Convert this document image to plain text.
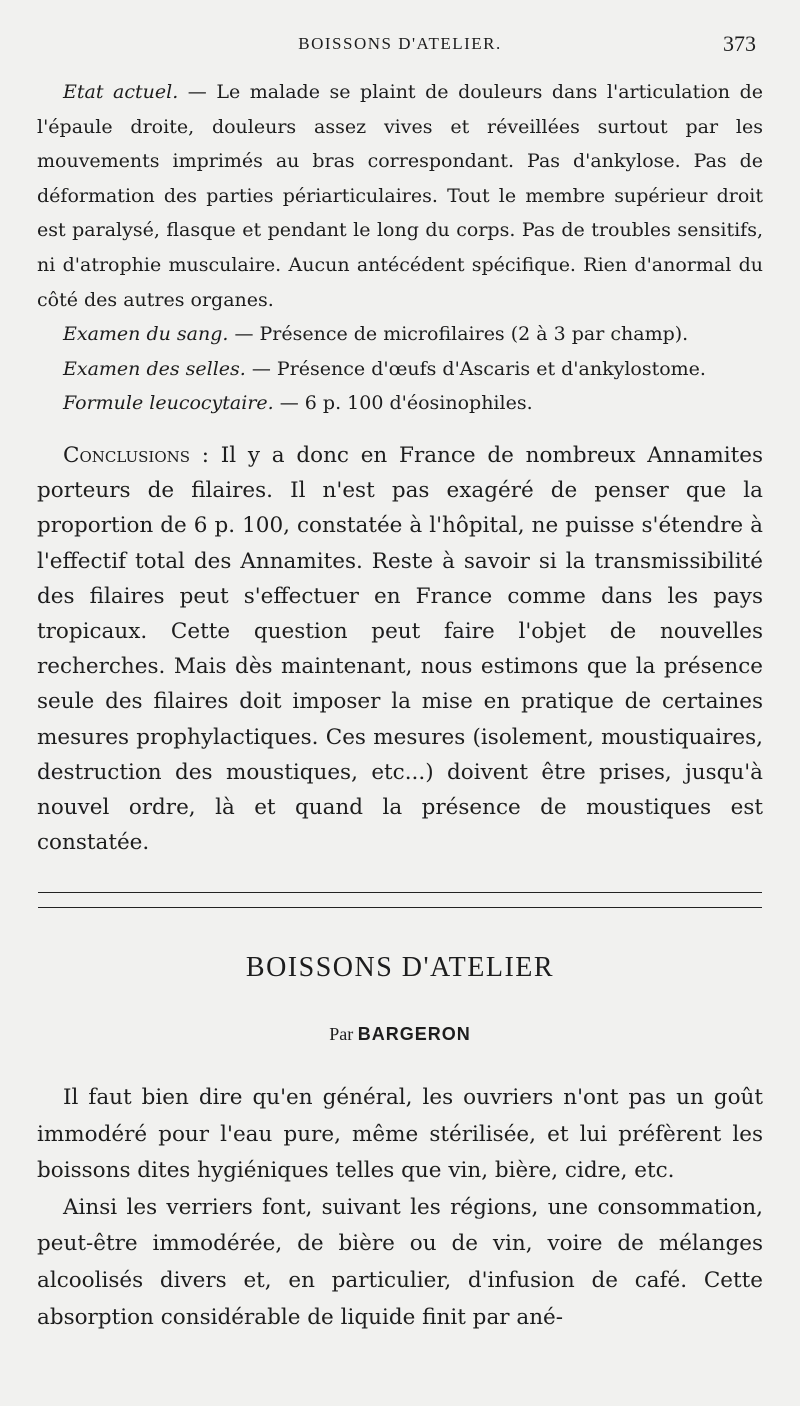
BOISSONS D'ATELIER.	373

Etat actuel. — Le malade se plaint de douleurs dans l'articulation de l'épaule droite, douleurs assez vives et réveillées surtout par les mouvements imprimés au bras correspondant. Pas d'ankylose. Pas de déformation des parties périarticulaires. Tout le membre supérieur droit est paralysé, flasque et pendant le long du corps. Pas de troubles sensitifs, ni d'atrophie musculaire. Aucun antécédent spécifique. Rien d'anormal du côté des autres organes.

Examen du sang. — Présence de microfilaires (2 à 3 par champ).

Examen des selles. — Présence d'œufs d'Ascaris et d'ankylostome.

Formule leucocytaire. — 6 p. 100 d'éosinophiles.

Conclusions : Il y a donc en France de nombreux Annamites porteurs de filaires. Il n'est pas exagéré de penser que la proportion de 6 p. 100, constatée à l'hôpital, ne puisse s'étendre à l'effectif total des Annamites. Reste à savoir si la transmissibilité des filaires peut s'effectuer en France comme dans les pays tropicaux. Cette question peut faire l'objet de nouvelles recherches. Mais dès maintenant, nous estimons que la présence seule des filaires doit imposer la mise en pratique de certaines mesures prophylactiques. Ces mesures (isolement, moustiquaires, destruction des moustiques, etc...) doivent être prises, jusqu'à nouvel ordre, là et quand la présence de moustiques est constatée.

BOISSONS D'ATELIER
Par BARGERON

Il faut bien dire qu'en général, les ouvriers n'ont pas un goût immodéré pour l'eau pure, même stérilisée, et lui préfèrent les boissons dites hygiéniques telles que vin, bière, cidre, etc.

Ainsi les verriers font, suivant les régions, une consommation, peut-être immodérée, de bière ou de vin, voire de mélanges alcoolisés divers et, en particulier, d'infusion de café. Cette absorption considérable de liquide finit par ané-
